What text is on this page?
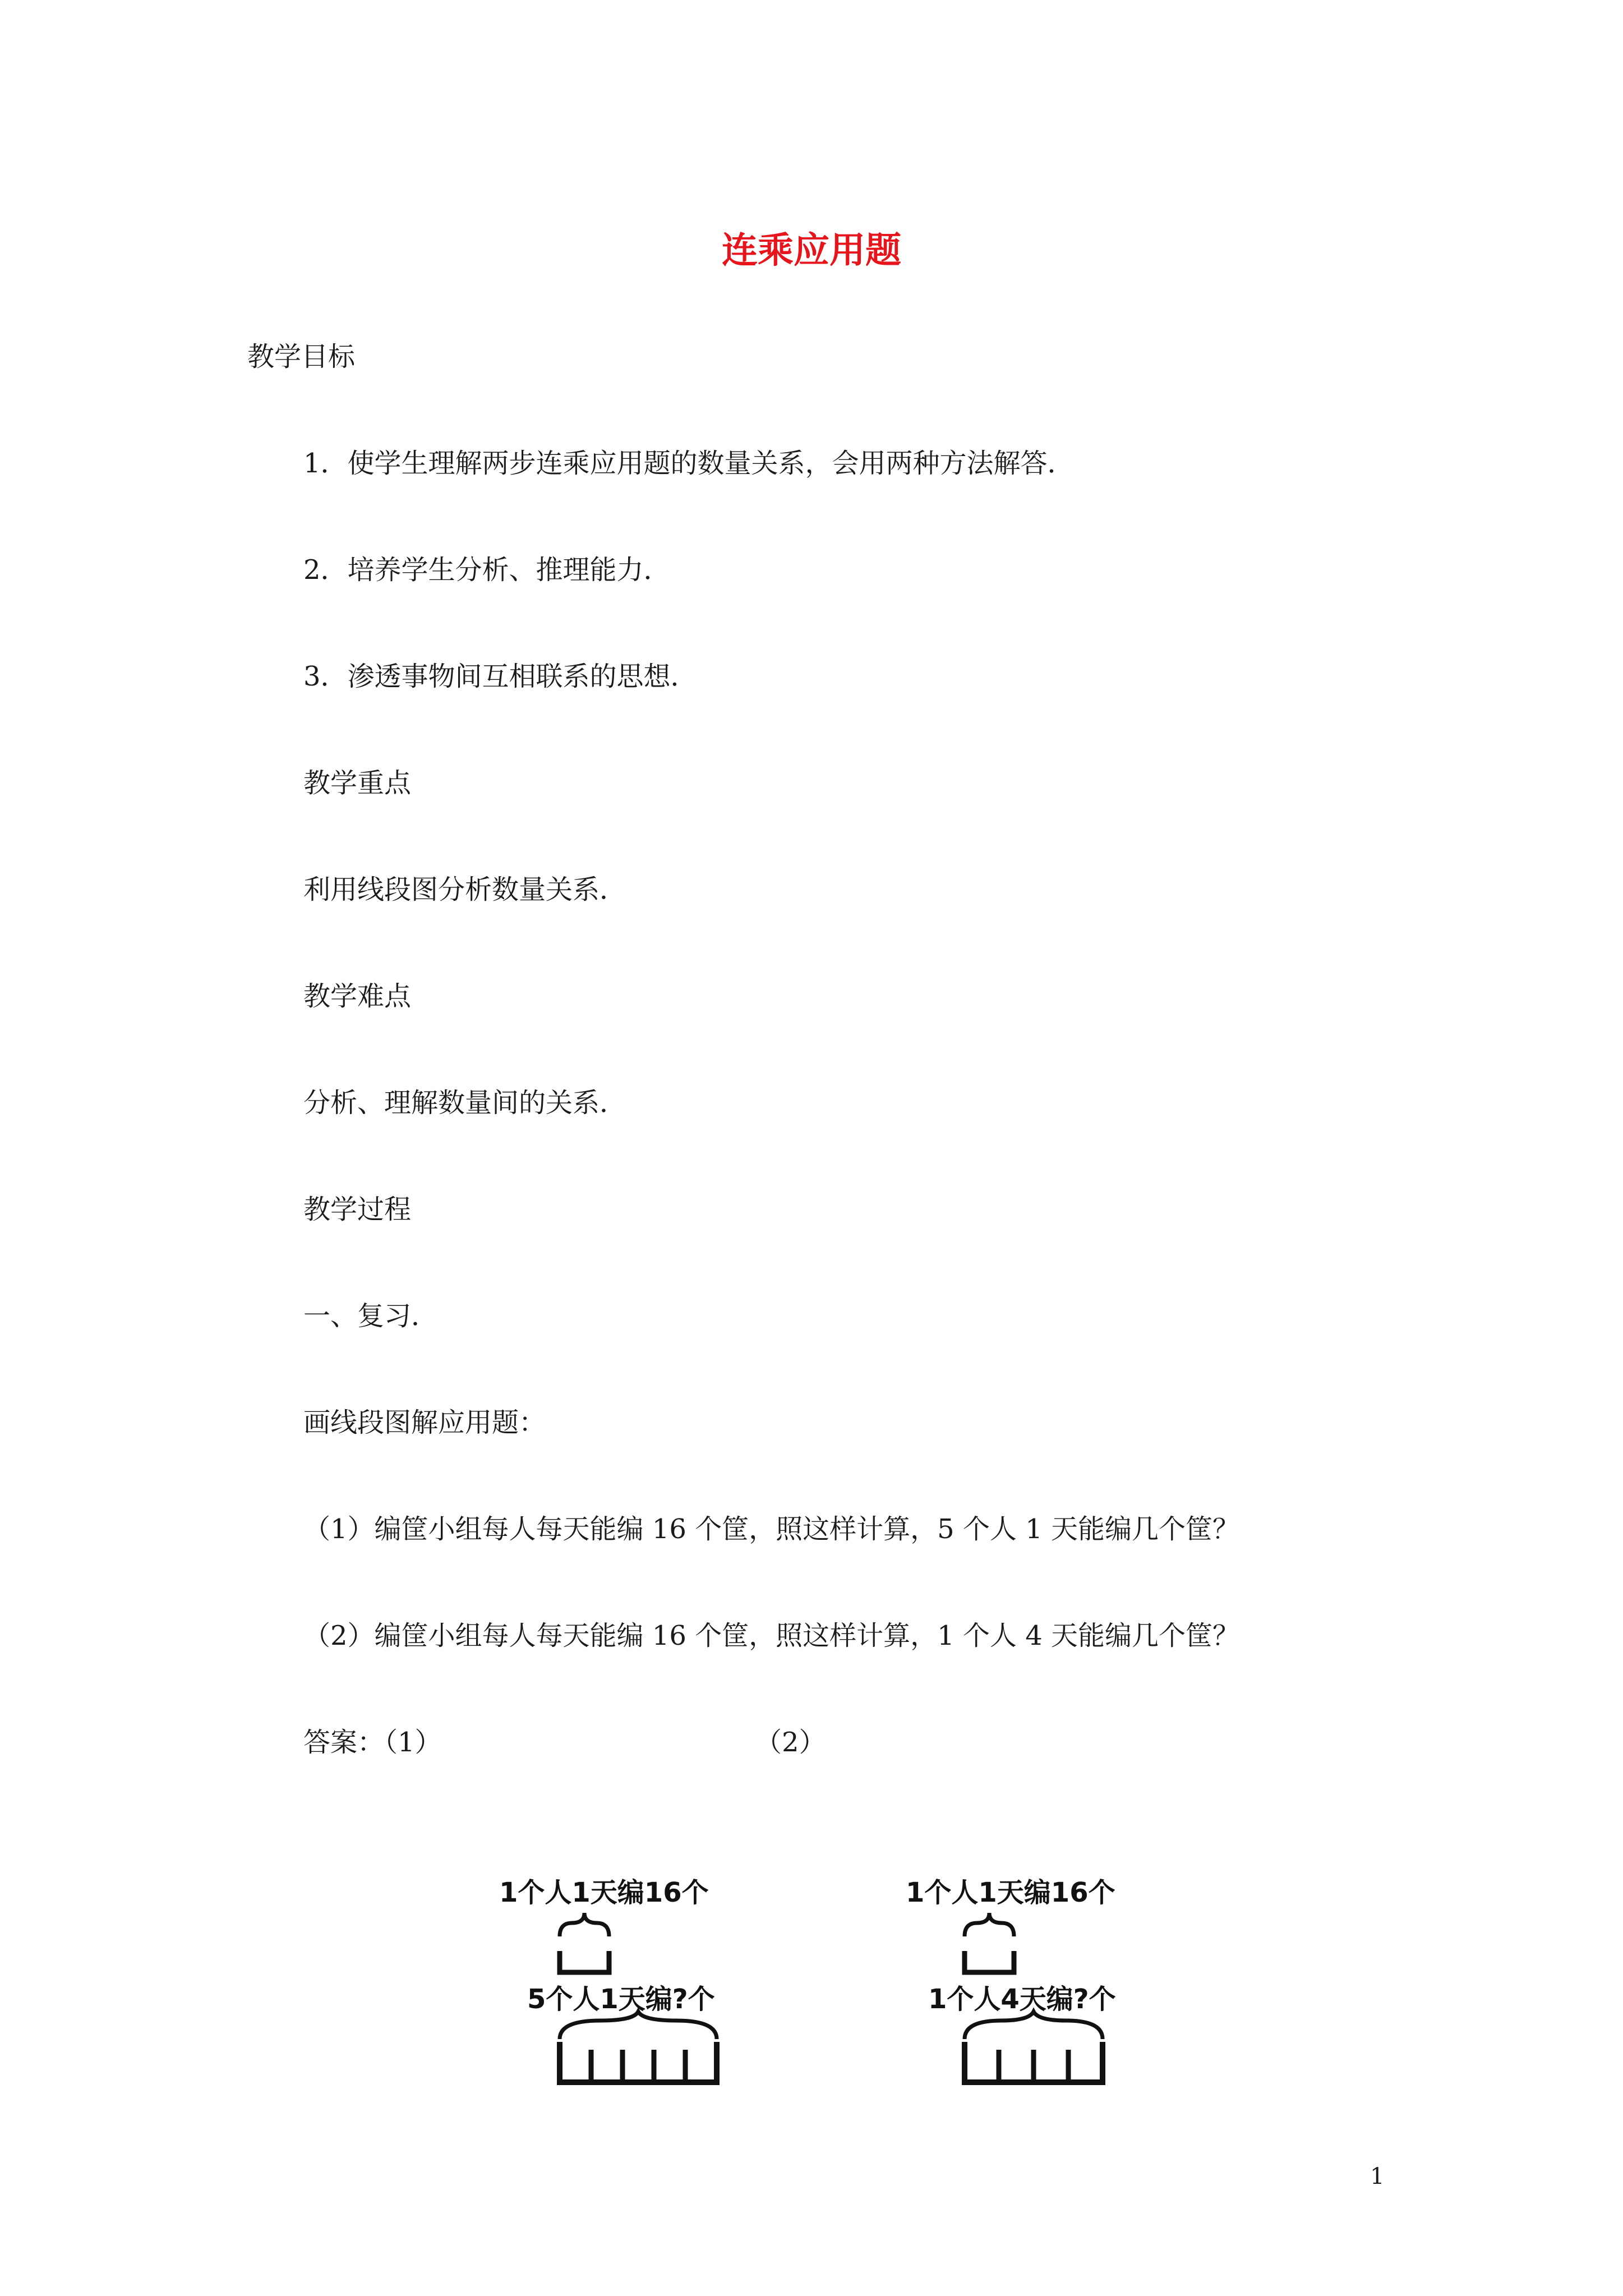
连乘应用题
教学目标
1．使学生理解两步连乘应用题的数量关系，会用两种方法解答．
2．培养学生分析、推理能力．
3．渗透事物间互相联系的思想．
教学重点
利用线段图分析数量关系．
教学难点
分析、理解数量间的关系．
教学过程
一、复习．
画线段图解应用题：
（1）编筐小组每人每天能编 16 个筐，照这样计算，5 个人 1 天能编几个筐？
（2）编筐小组每人每天能编 16 个筐，照这样计算，1 个人 4 天能编几个筐？
答案：（1）	（2）
1个人1天编16个
5个人1天编?个
1个人1天编16个
1个人4天编?个
1
